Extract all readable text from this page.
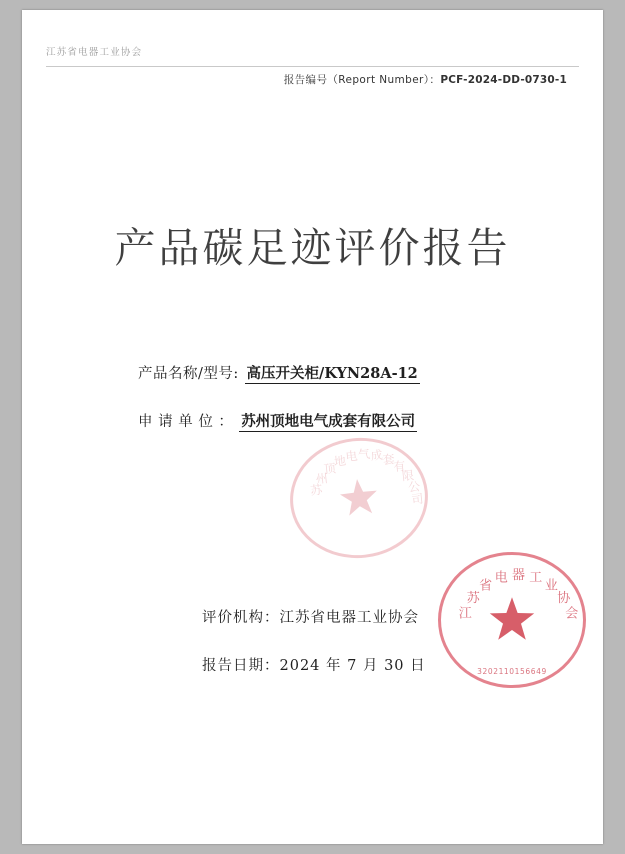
江苏省电器工业协会
报告编号（Report Number）：PCF-2024-DD-0730-1
产品碳足迹评价报告
产品名称/型号: 高压开关柜/KYN28A-12
申 请 单 位 ： 苏州顶地电气成套有限公司
苏
州
顶
地
电 气 成
套
有
限
公
司
评价机构：江苏省电器工业协会
报告日期：2024 年 7 月 30 日
江
苏
省
电 器 工
业
协
会
3202110156649
